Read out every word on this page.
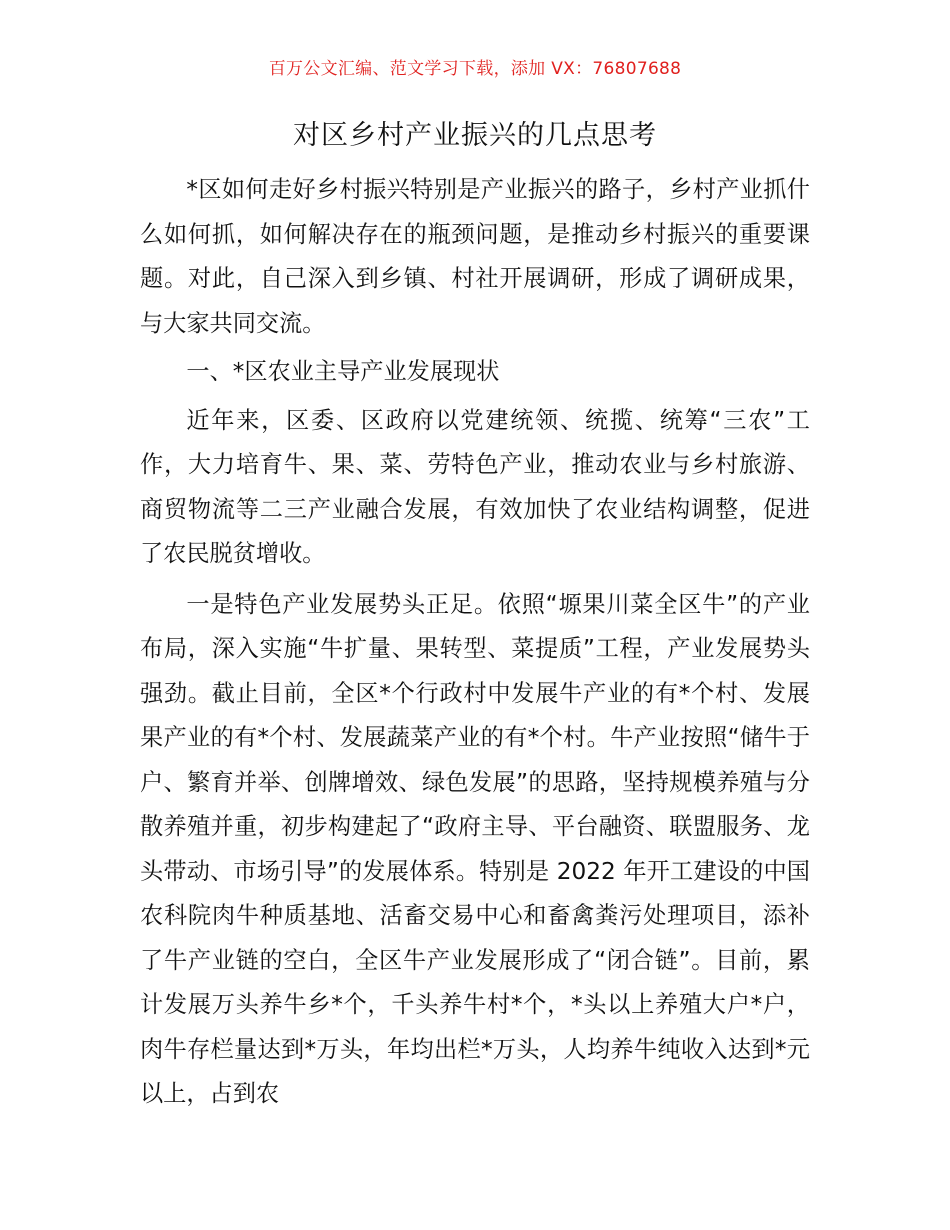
百万公文汇编、范文学习下载，添加 VX：76807688
对区乡村产业振兴的几点思考

*区如何走好乡村振兴特别是产业振兴的路子，乡村产业抓什么如何抓，如何解决存在的瓶颈问题，是推动乡村振兴的重要课题。对此，自己深入到乡镇、村社开展调研，形成了调研成果，与大家共同交流。

一、*区农业主导产业发展现状

近年来，区委、区政府以党建统领、统揽、统筹“三农”工作，大力培育牛、果、菜、劳特色产业，推动农业与乡村旅游、商贸物流等二三产业融合发展，有效加快了农业结构调整，促进了农民脱贫增收。

一是特色产业发展势头正足。依照“塬果川菜全区牛”的产业布局，深入实施“牛扩量、果转型、菜提质”工程，产业发展势头强劲。截止目前，全区*个行政村中发展牛产业的有*个村、发展果产业的有*个村、发展蔬菜产业的有*个村。牛产业按照“储牛于户、繁育并举、创牌增效、绿色发展”的思路，坚持规模养殖与分散养殖并重，初步构建起了“政府主导、平台融资、联盟服务、龙头带动、市场引导”的发展体系。特别是 2022 年开工建设的中国农科院肉牛种质基地、活畜交易中心和畜禽粪污处理项目，添补了牛产业链的空白，全区牛产业发展形成了“闭合链”。目前，累计发展万头养牛乡*个，千头养牛村*个，*头以上养殖大户*户，肉牛存栏量达到*万头，年均出栏*万头，人均养牛纯收入达到*元以上，占到农
